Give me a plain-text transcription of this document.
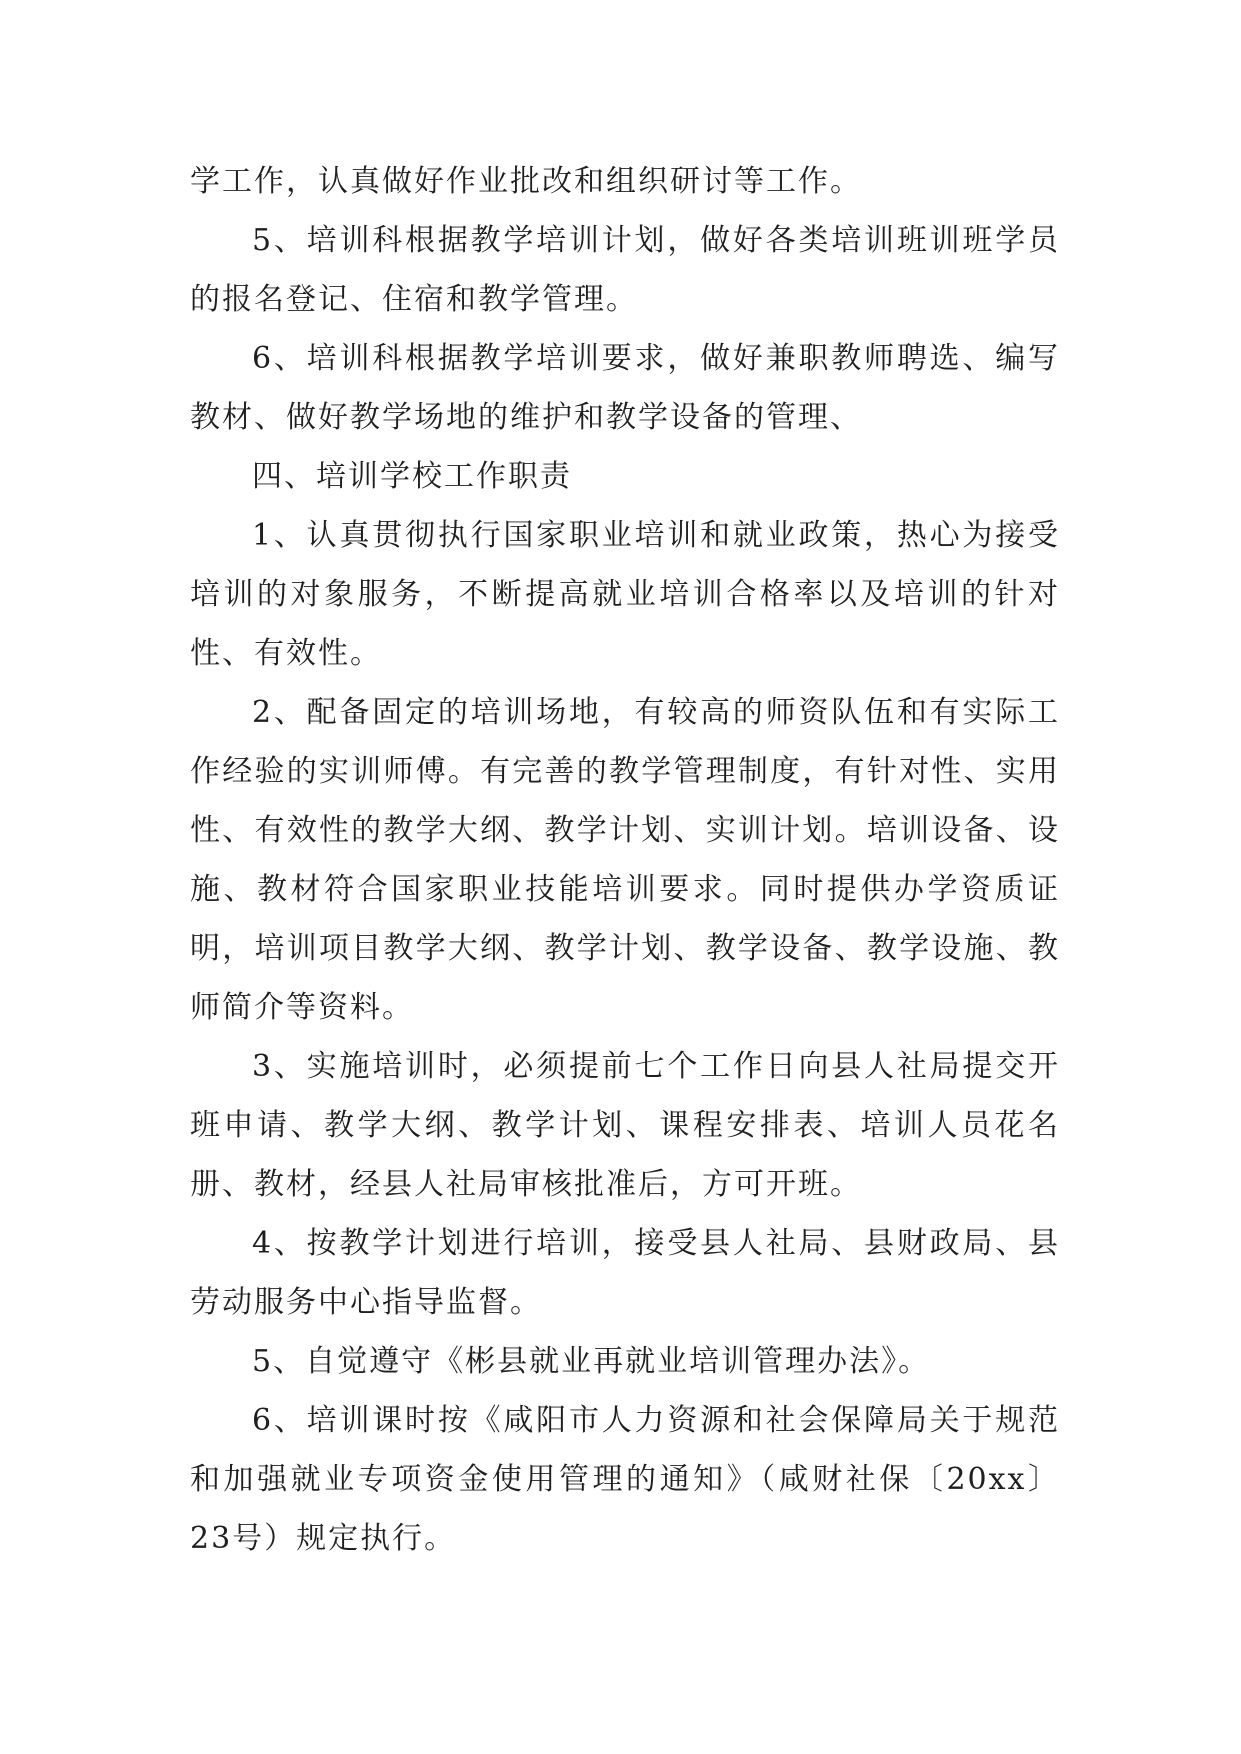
学工作，认真做好作业批改和组织研讨等工作。

5、培训科根据教学培训计划，做好各类培训班训班学员的报名登记、住宿和教学管理。

6、培训科根据教学培训要求，做好兼职教师聘选、编写教材、做好教学场地的维护和教学设备的管理、

四、培训学校工作职责

1、认真贯彻执行国家职业培训和就业政策，热心为接受培训的对象服务，不断提高就业培训合格率以及培训的针对性、有效性。

2、配备固定的培训场地，有较高的师资队伍和有实际工作经验的实训师傅。有完善的教学管理制度，有针对性、实用性、有效性的教学大纲、教学计划、实训计划。培训设备、设施、教材符合国家职业技能培训要求。同时提供办学资质证明，培训项目教学大纲、教学计划、教学设备、教学设施、教师简介等资料。

3、实施培训时，必须提前七个工作日向县人社局提交开班申请、教学大纲、教学计划、课程安排表、培训人员花名册、教材，经县人社局审核批准后，方可开班。

4、按教学计划进行培训，接受县人社局、县财政局、县劳动服务中心指导监督。

5、自觉遵守《彬县就业再就业培训管理办法》。

6、培训课时按《咸阳市人力资源和社会保障局关于规范和加强就业专项资金使用管理的通知》（咸财社保〔20xx〕23号）规定执行。
